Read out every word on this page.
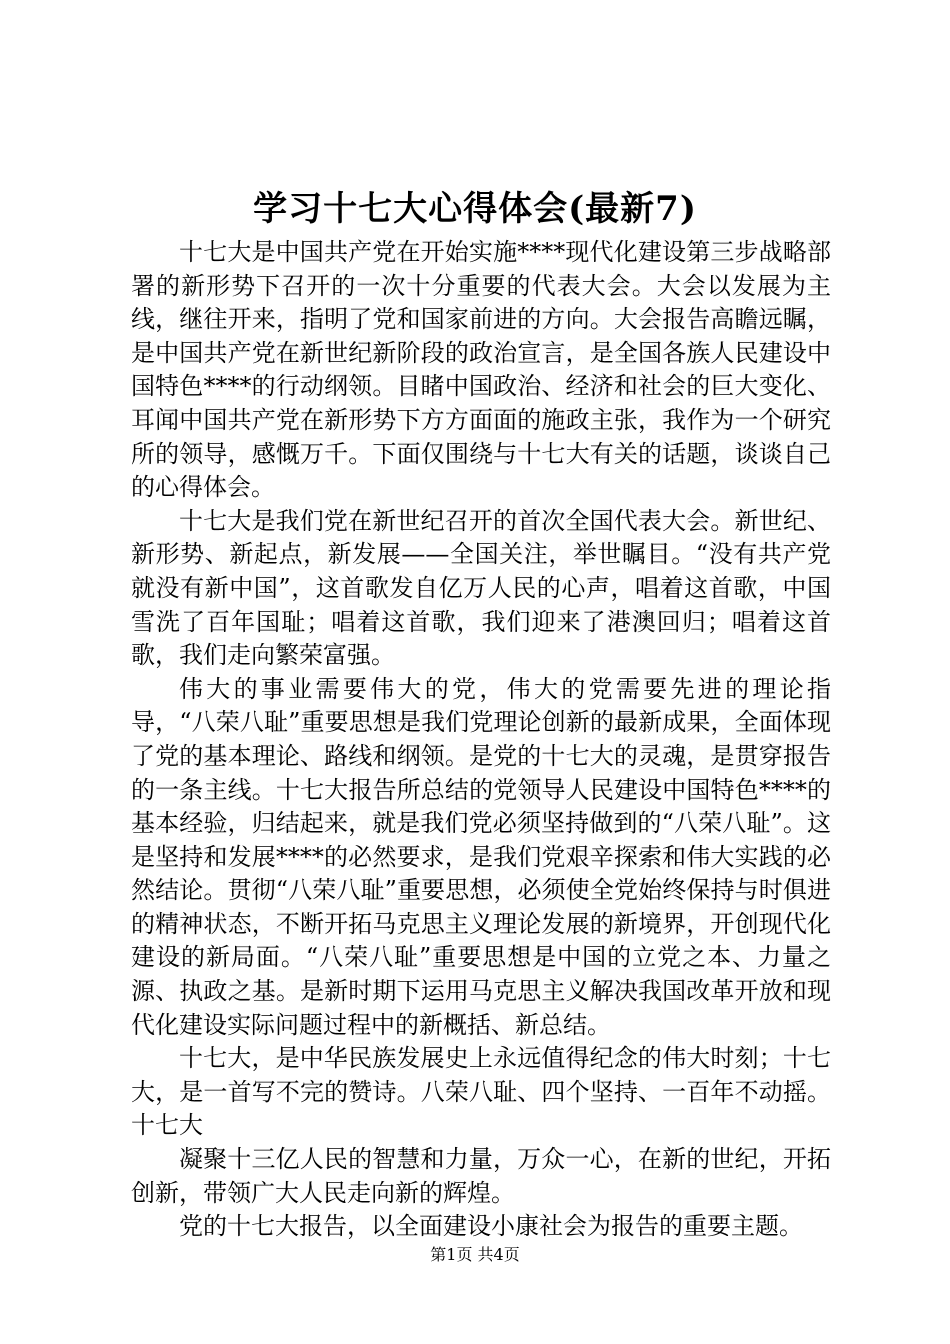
学习十七大心得体会(最新7)

十七大是中国共产党在开始实施****现代化建设第三步战略部署的新形势下召开的一次十分重要的代表大会。大会以发展为主线，继往开来，指明了党和国家前进的方向。大会报告高瞻远瞩，是中国共产党在新世纪新阶段的政治宣言，是全国各族人民建设中国特色****的行动纲领。目睹中国政治、经济和社会的巨大变化、耳闻中国共产党在新形势下方方面面的施政主张，我作为一个研究所的领导，感慨万千。下面仅围绕与十七大有关的话题，谈谈自己的心得体会。

十七大是我们党在新世纪召开的首次全国代表大会。新世纪、新形势、新起点，新发展——全国关注，举世瞩目。“没有共产党就没有新中国”，这首歌发自亿万人民的心声，唱着这首歌，中国雪洗了百年国耻；唱着这首歌，我们迎来了港澳回归；唱着这首歌，我们走向繁荣富强。

伟大的事业需要伟大的党，伟大的党需要先进的理论指导，“八荣八耻”重要思想是我们党理论创新的最新成果，全面体现了党的基本理论、路线和纲领。是党的十七大的灵魂，是贯穿报告的一条主线。十七大报告所总结的党领导人民建设中国特色****的基本经验，归结起来，就是我们党必须坚持做到的“八荣八耻”。这是坚持和发展****的必然要求，是我们党艰辛探索和伟大实践的必然结论。贯彻“八荣八耻”重要思想，必须使全党始终保持与时俱进的精神状态，不断开拓马克思主义理论发展的新境界，开创现代化建设的新局面。“八荣八耻”重要思想是中国的立党之本、力量之源、执政之基。是新时期下运用马克思主义解决我国改革开放和现代化建设实际问题过程中的新概括、新总结。

十七大，是中华民族发展史上永远值得纪念的伟大时刻；十七大，是一首写不完的赞诗。八荣八耻、四个坚持、一百年不动摇。十七大

凝聚十三亿人民的智慧和力量，万众一心，在新的世纪，开拓创新，带领广大人民走向新的辉煌。

党的十七大报告，以全面建设小康社会为报告的重要主题。

第1页 共4页
